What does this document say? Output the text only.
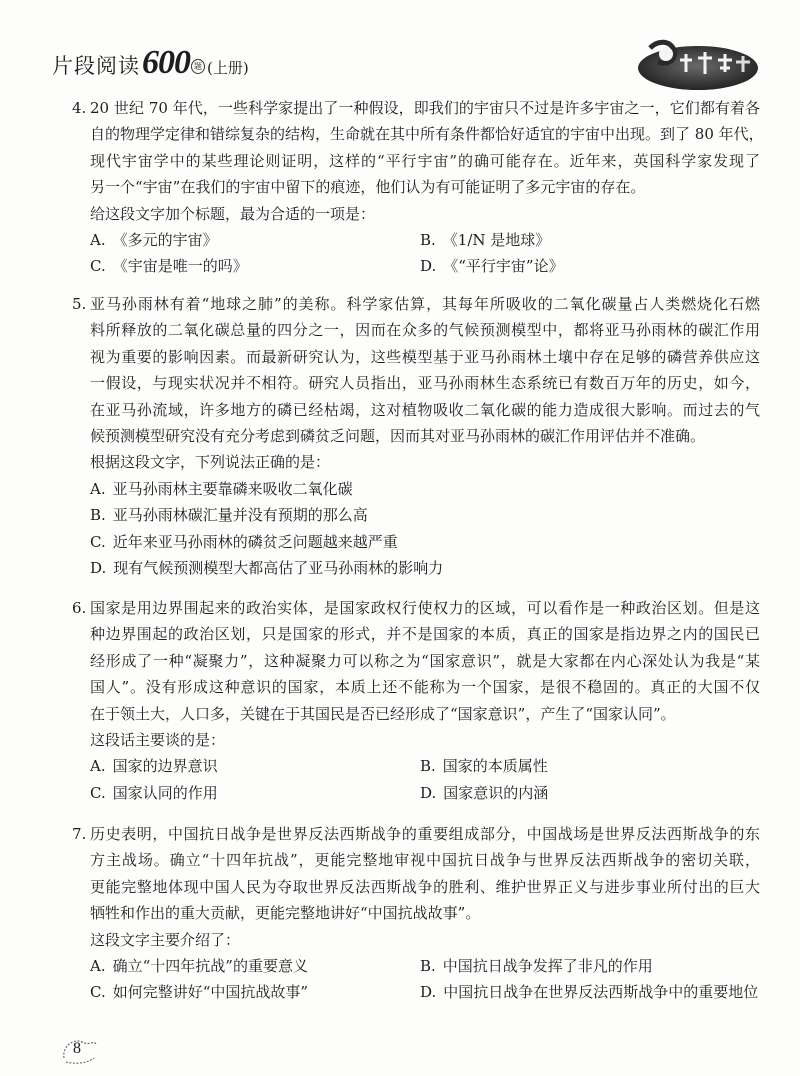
片段阅读 600 题 (上册)
4. 20 世纪 70 年代，一些科学家提出了一种假设，即我们的宇宙只不过是许多宇宙之一，它们都有着各
自的物理学定律和错综复杂的结构，生命就在其中所有条件都恰好适宜的宇宙中出现。到了 80 年代，
现代宇宙学中的某些理论则证明，这样的“平行宇宙”的确可能存在。近年来，英国科学家发现了
另一个“宇宙”在我们的宇宙中留下的痕迹，他们认为有可能证明了多元宇宙的存在。
给这段文字加个标题，最为合适的一项是：
A. 《多元的宇宙》	B. 《1/N 是地球》
C. 《宇宙是唯一的吗》	D. 《“平行宇宙”论》
5. 亚马孙雨林有着“地球之肺”的美称。科学家估算，其每年所吸收的二氧化碳量占人类燃烧化石燃
料所释放的二氧化碳总量的四分之一，因而在众多的气候预测模型中，都将亚马孙雨林的碳汇作用
视为重要的影响因素。而最新研究认为，这些模型基于亚马孙雨林土壤中存在足够的磷营养供应这
一假设，与现实状况并不相符。研究人员指出，亚马孙雨林生态系统已有数百万年的历史，如今，
在亚马孙流域，许多地方的磷已经枯竭，这对植物吸收二氧化碳的能力造成很大影响。而过去的气
候预测模型研究没有充分考虑到磷贫乏问题，因而其对亚马孙雨林的碳汇作用评估并不准确。
根据这段文字，下列说法正确的是：
A. 亚马孙雨林主要靠磷来吸收二氧化碳
B. 亚马孙雨林碳汇量并没有预期的那么高
C. 近年来亚马孙雨林的磷贫乏问题越来越严重
D. 现有气候预测模型大都高估了亚马孙雨林的影响力
6. 国家是用边界围起来的政治实体，是国家政权行使权力的区域，可以看作是一种政治区划。但是这
种边界围起的政治区划，只是国家的形式，并不是国家的本质，真正的国家是指边界之内的国民已
经形成了一种“凝聚力”，这种凝聚力可以称之为“国家意识”，就是大家都在内心深处认为我是“某
国人”。没有形成这种意识的国家，本质上还不能称为一个国家，是很不稳固的。真正的大国不仅
在于领土大，人口多，关键在于其国民是否已经形成了“国家意识”，产生了“国家认同”。
这段话主要谈的是：
A. 国家的边界意识	B. 国家的本质属性
C. 国家认同的作用	D. 国家意识的内涵
7. 历史表明，中国抗日战争是世界反法西斯战争的重要组成部分，中国战场是世界反法西斯战争的东
方主战场。确立“十四年抗战”，更能完整地审视中国抗日战争与世界反法西斯战争的密切关联，
更能完整地体现中国人民为夺取世界反法西斯战争的胜利、维护世界正义与进步事业所付出的巨大
牺牲和作出的重大贡献，更能完整地讲好“中国抗战故事”。
这段文字主要介绍了：
A. 确立“十四年抗战”的重要意义	B. 中国抗日战争发挥了非凡的作用
C. 如何完整讲好“中国抗战故事”	D. 中国抗日战争在世界反法西斯战争中的重要地位
8
